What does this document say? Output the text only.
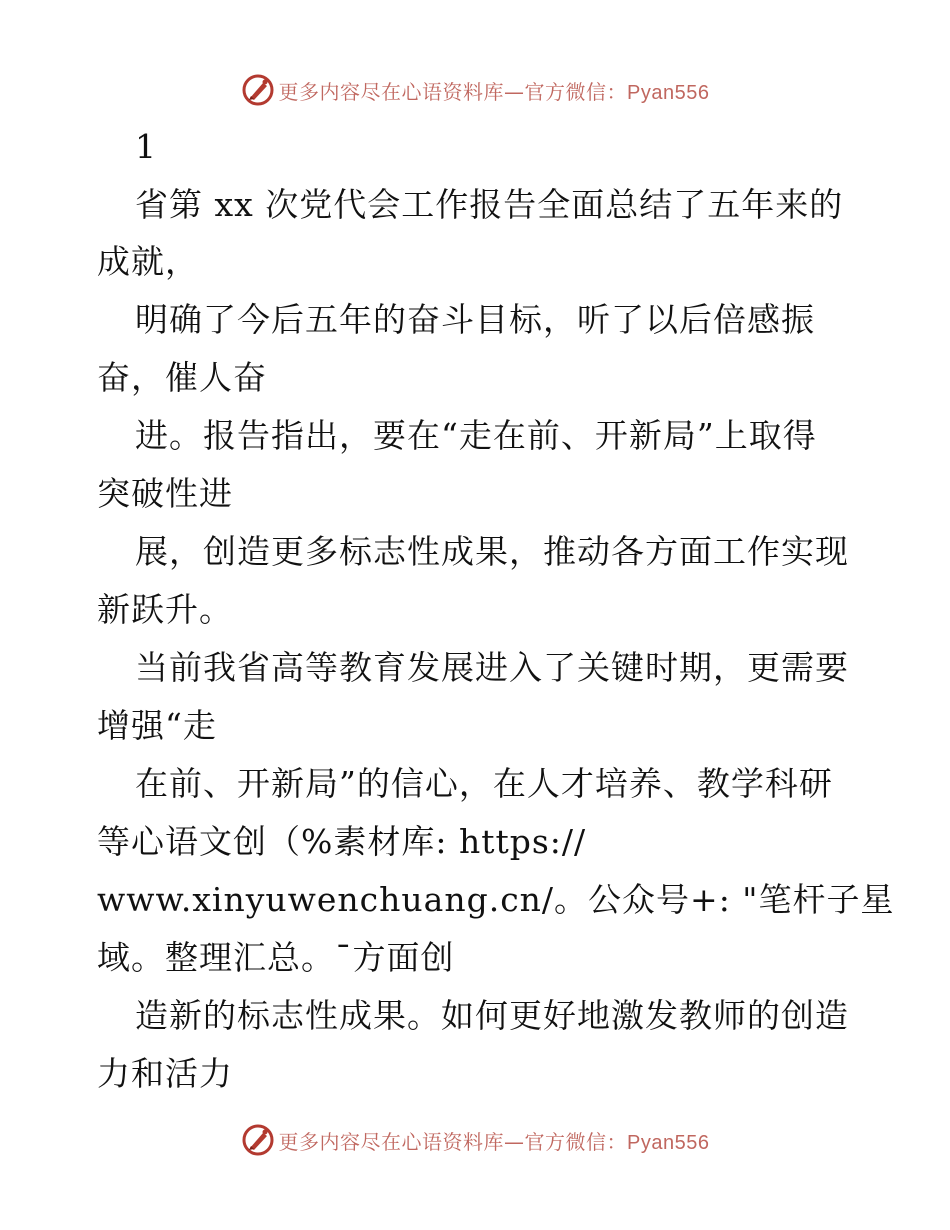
更多内容尽在心语资料库—官方微信：Pyan556
1
省第 xx 次党代会工作报告全面总结了五年来的
成就，
明确了今后五年的奋斗目标，听了以后倍感振
奋，催人奋
进。报告指出，要在“走在前、开新局”上取得
突破性进
展，创造更多标志性成果，推动各方面工作实现
新跃升。
当前我省高等教育发展进入了关键时期，更需要
增强“走
在前、开新局”的信心，在人才培养、教学科研
等心语文创（%素材库: https://
www.xinyuwenchuang.cn/。公众号+: "笔杆子星
域。整理汇总。¯方面创
造新的标志性成果。如何更好地激发教师的创造
力和活力
更多内容尽在心语资料库—官方微信：Pyan556
